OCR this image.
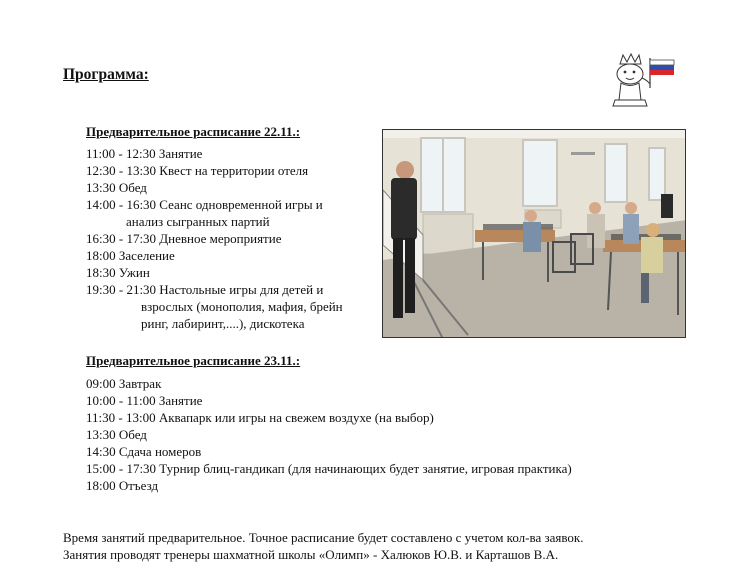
Программа:
Предварительное расписание 22.11.:
11:00 - 12:30 Занятие
12:30 - 13:30 Квест на территории отеля
13:30 Обед
14:00 - 16:30 Сеанс одновременной игры и
анализ сыгранных партий
16:30 - 17:30 Дневное мероприятие
18:00 Заселение
18:30 Ужин
19:30 - 21:30 Настольные игры для детей и
взрослых (монополия, мафия, брейн
ринг, лабиринт,....), дискотека
Предварительное расписание 23.11.:
09:00 Завтрак
10:00 - 11:00 Занятие
11:30 - 13:00 Аквапарк или игры на свежем воздухе (на выбор)
13:30 Обед
14:30 Сдача номеров
15:00 - 17:30 Турнир блиц-гандикап (для начинающих будет занятие, игровая практика)
18:00 Отъезд
Время занятий предварительное. Точное расписание будет составлено с учетом кол-ва заявок.
Занятия проводят тренеры шахматной школы «Олимп» - Халюков Ю.В. и Карташов В.А.
